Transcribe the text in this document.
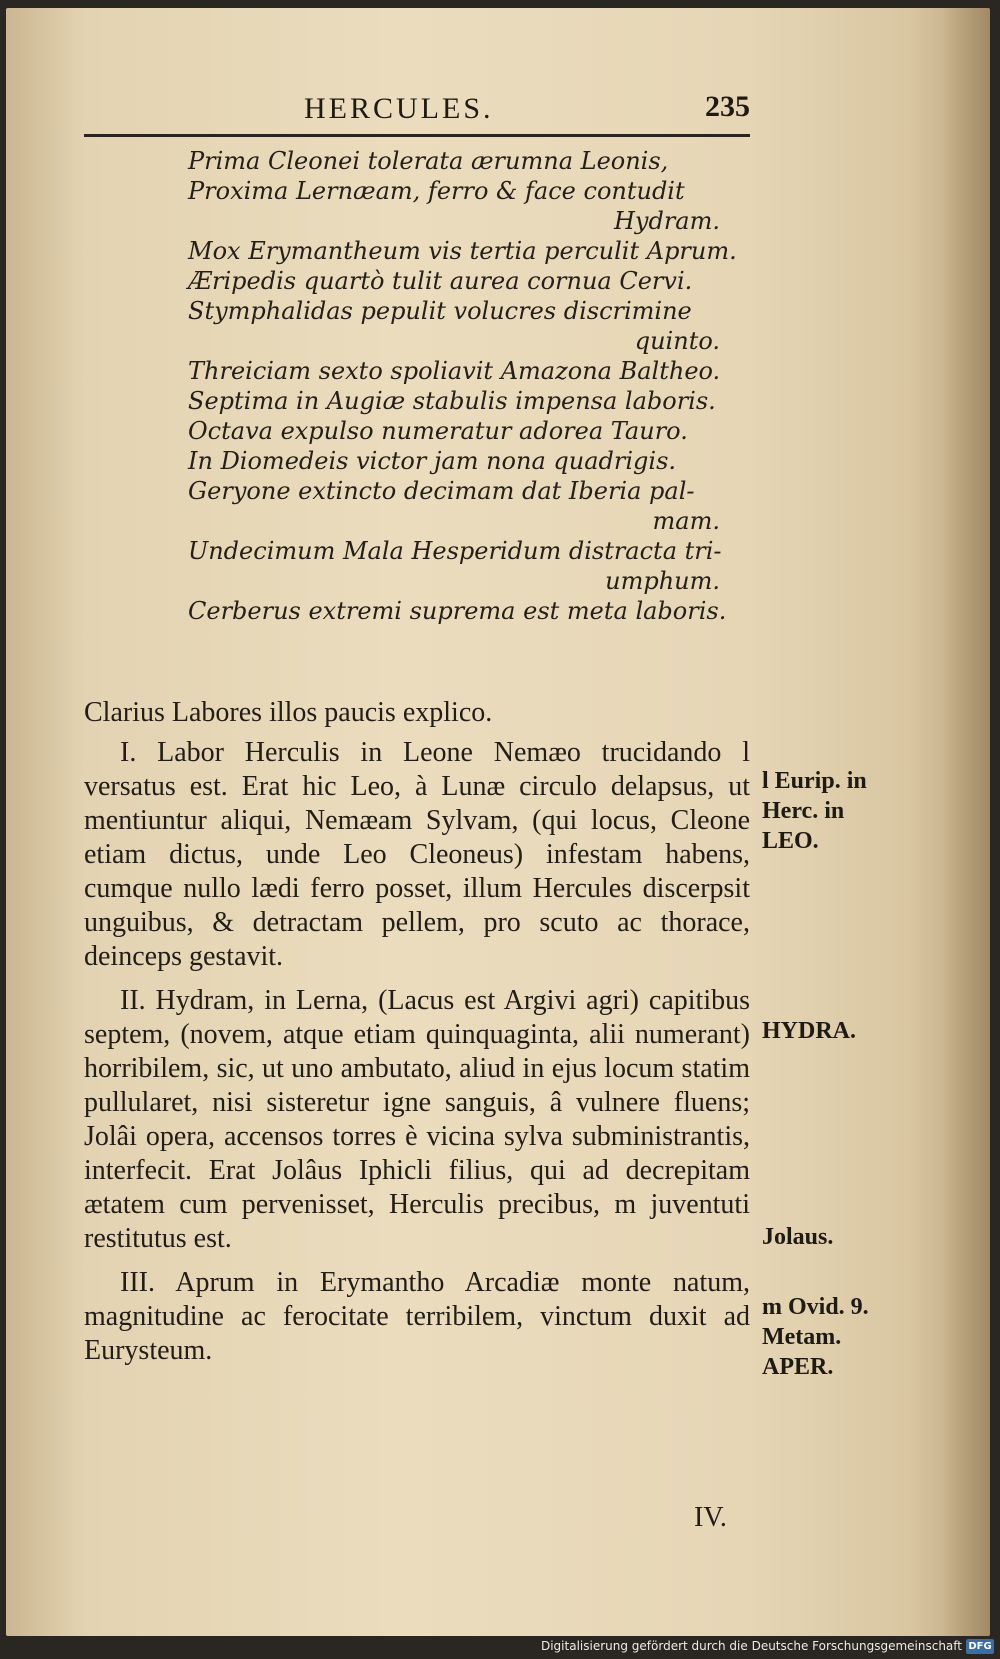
HERCULES.	235
Prima Cleonei tolerata ærumna Leonis,
Proxima Lernæam, ferro & face contudit
Hydram.
Mox Erymantheum vis tertia perculit Aprum.
Æripedis quartò tulit aurea cornua Cervi.
Stymphalidas pepulit volucres discrimine
quinto.
Threiciam sexto spoliavit Amazona Baltheo.
Septima in Augiæ stabulis impensa laboris.
Octava expulso numeratur adorea Tauro.
In Diomedeis victor jam nona quadrigis.
Geryone extincto decimam dat Iberia pal-
mam.
Undecimum Mala Hesperidum distracta tri-
umphum.
Cerberus extremi suprema est meta laboris.

Clarius Labores illos paucis explico.

I. Labor Herculis in Leone Nemæo trucidando l versatus est. Erat hic Leo, à Lunæ circulo delapsus, ut mentiuntur aliqui, Nemæam Sylvam, (qui locus, Cleone etiam dictus, unde Leo Cleoneus) infestam habens, cumque nullo lædi ferro posset, illum Hercules discerpsit unguibus, & detractam pellem, pro scuto ac thorace, deinceps gestavit.

II. Hydram, in Lerna, (Lacus est Argivi agri) capitibus septem, (novem, atque etiam quinquaginta, alii numerant) horribilem, sic, ut uno ambutato, aliud in ejus locum statim pullularet, nisi sisteretur igne sanguis, â vulnere fluens; Jolâi opera, accensos torres è vicina sylva subministrantis, interfecit. Erat Jolâus Iphicli filius, qui ad decrepitam ætatem cum pervenisset, Herculis precibus, m juventuti restitutus est.

III. Aprum in Erymantho Arcadiæ monte natum, magnitudine ac ferocitate terribilem, vinctum duxit ad Eurysteum.

l Eurip. in
Herc. in
LEO.
HYDRA.
Jolaus.
m Ovid. 9.
Metam.
APER.
IV.
Digitalisierung gefördert durch die Deutsche Forschungsgemeinschaft DFG
